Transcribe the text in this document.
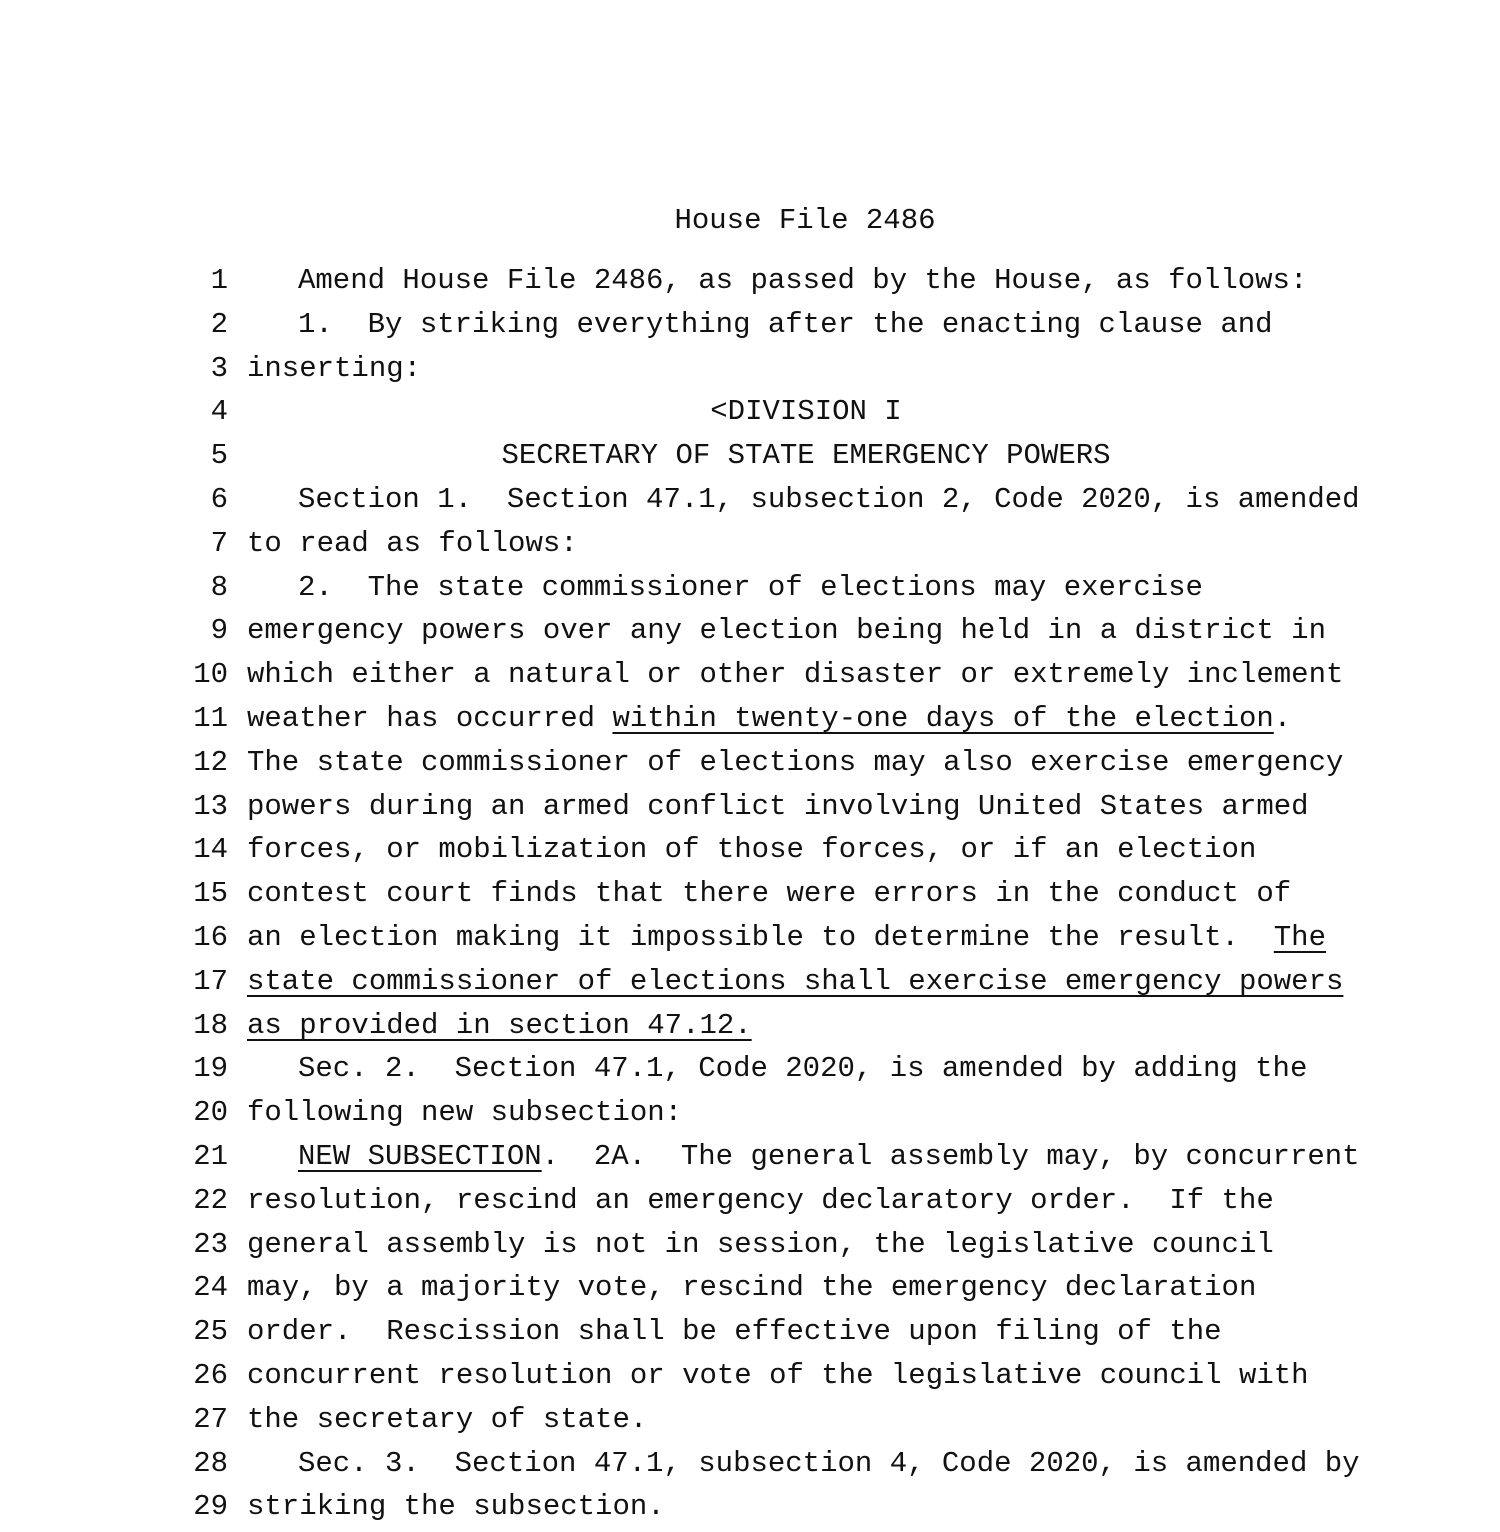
House File 2486
1 Amend House File 2486, as passed by the House, as follows:
2 1.  By striking everything after the enacting clause and
3 inserting:
4	<DIVISION I
5	SECRETARY OF STATE EMERGENCY POWERS
6 Section 1.  Section 47.1, subsection 2, Code 2020, is amended
7 to read as follows:
8 2.  The state commissioner of elections may exercise
9 emergency powers over any election being held in a district in
10 which either a natural or other disaster or extremely inclement
11 weather has occurred within twenty-one days of the election.
12 The state commissioner of elections may also exercise emergency
13 powers during an armed conflict involving United States armed
14 forces, or mobilization of those forces, or if an election
15 contest court finds that there were errors in the conduct of
16 an election making it impossible to determine the result.  The
17 state commissioner of elections shall exercise emergency powers
18 as provided in section 47.12.
19 Sec. 2.  Section 47.1, Code 2020, is amended by adding the
20 following new subsection:
21 NEW SUBSECTION.  2A.  The general assembly may, by concurrent
22 resolution, rescind an emergency declaratory order.  If the
23 general assembly is not in session, the legislative council
24 may, by a majority vote, rescind the emergency declaration
25 order.  Rescission shall be effective upon filing of the
26 concurrent resolution or vote of the legislative council with
27 the secretary of state.
28 Sec. 3.  Section 47.1, subsection 4, Code 2020, is amended by
29 striking the subsection.
